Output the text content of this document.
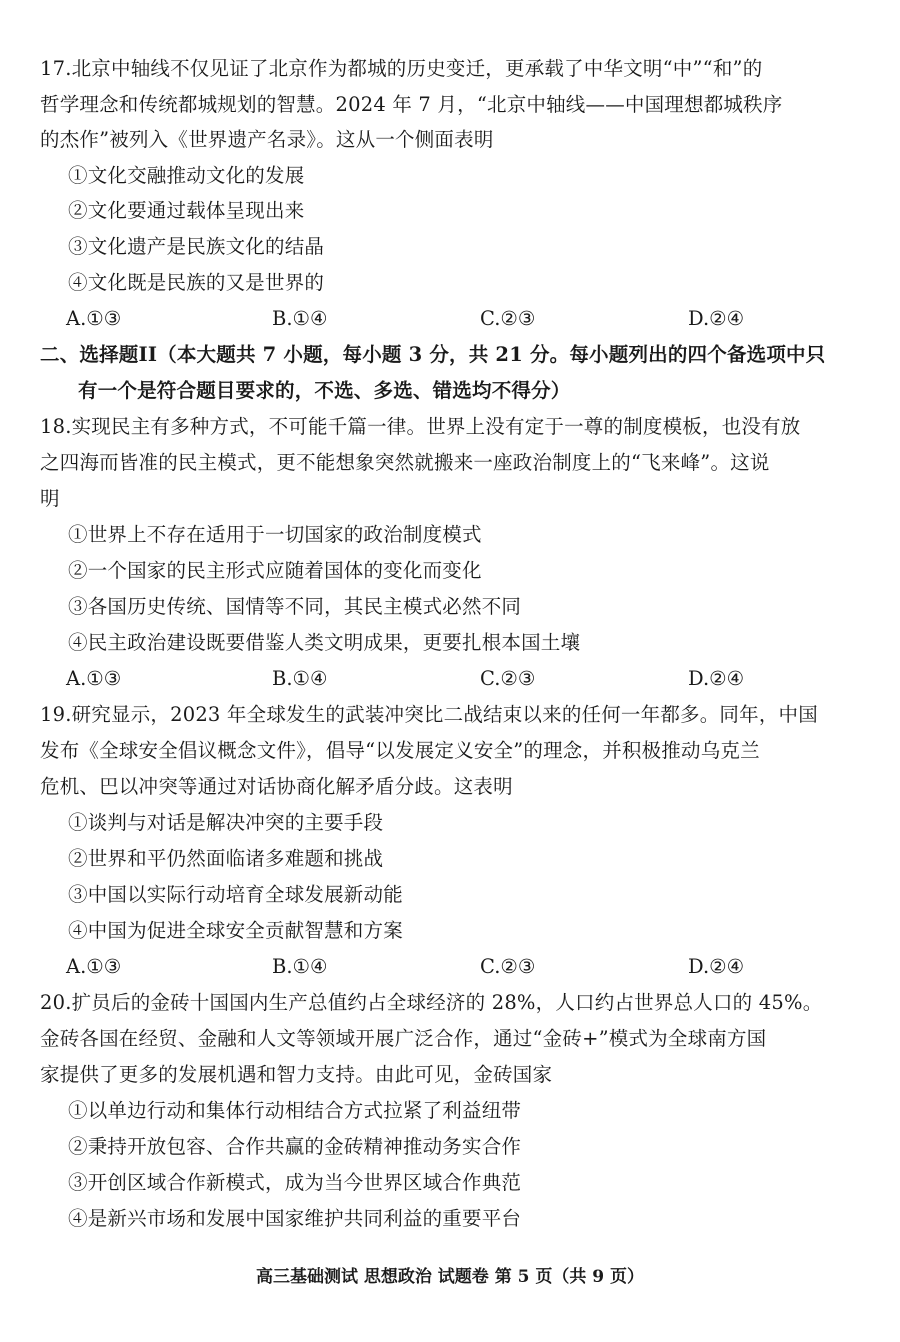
17.北京中轴线不仅见证了北京作为都城的历史变迁，更承载了中华文明“中”“和”的
哲学理念和传统都城规划的智慧。2024 年 7 月，“北京中轴线——中国理想都城秩序
的杰作”被列入《世界遗产名录》。这从一个侧面表明
①文化交融推动文化的发展
②文化要通过载体呈现出来
③文化遗产是民族文化的结晶
④文化既是民族的又是世界的
A.①③	B.①④	C.②③	D.②④
二、选择题II（本大题共 7 小题，每小题 3 分，共 21 分。每小题列出的四个备选项中只
有一个是符合题目要求的，不选、多选、错选均不得分）
18.实现民主有多种方式，不可能千篇一律。世界上没有定于一尊的制度模板，也没有放
之四海而皆准的民主模式，更不能想象突然就搬来一座政治制度上的“飞来峰”。这说
明
①世界上不存在适用于一切国家的政治制度模式
②一个国家的民主形式应随着国体的变化而变化
③各国历史传统、国情等不同，其民主模式必然不同
④民主政治建设既要借鉴人类文明成果，更要扎根本国土壤
A.①③	B.①④	C.②③	D.②④
19.研究显示，2023 年全球发生的武装冲突比二战结束以来的任何一年都多。同年，中国
发布《全球安全倡议概念文件》，倡导“以发展定义安全”的理念，并积极推动乌克兰
危机、巴以冲突等通过对话协商化解矛盾分歧。这表明
①谈判与对话是解决冲突的主要手段
②世界和平仍然面临诸多难题和挑战
③中国以实际行动培育全球发展新动能
④中国为促进全球安全贡献智慧和方案
A.①③	B.①④	C.②③	D.②④
20.扩员后的金砖十国国内生产总值约占全球经济的 28%，人口约占世界总人口的 45%。
金砖各国在经贸、金融和人文等领域开展广泛合作，通过“金砖+”模式为全球南方国
家提供了更多的发展机遇和智力支持。由此可见，金砖国家
①以单边行动和集体行动相结合方式拉紧了利益纽带
②秉持开放包容、合作共赢的金砖精神推动务实合作
③开创区域合作新模式，成为当今世界区域合作典范
④是新兴市场和发展中国家维护共同利益的重要平台
高三基础测试 思想政治 试题卷 第 5 页（共 9 页）
